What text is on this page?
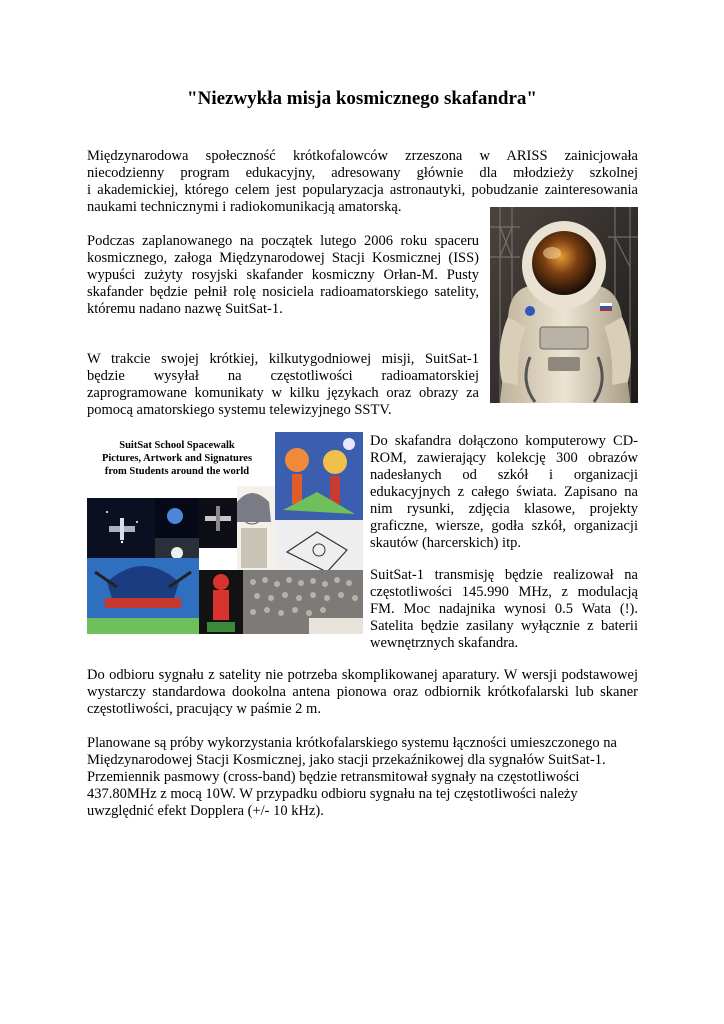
"Niezwykła misja kosmicznego skafandra"

Międzynarodowa społeczność krótkofalowców zrzeszona w ARISS zainicjowała
niecodzienny program edukacyjny, adresowany głównie dla młodzieży szkolnej
i akademickiej, którego celem jest popularyzacja astronautyki, pobudzanie zainteresowania
naukami technicznymi i radiokomunikacją amatorską.

Podczas zaplanowanego na początek lutego 2006 roku spaceru
kosmicznego, załoga Międzynarodowej Stacji Kosmicznej (ISS)
wypuści zużyty rosyjski skafander kosmiczny Orłan-M. Pusty
skafander będzie pełnił rolę nosiciela radioamatorskiego satelity,
któremu nadano nazwę SuitSat-1.

W trakcie swojej krótkiej, kilkutygodniowej misji, SuitSat-1
będzie wysyłał na częstotliwości radioamatorskiej
zaprogramowane komunikaty w kilku językach oraz obrazy za
pomocą amatorskiego systemu telewizyjnego SSTV.

SuitSat School Spacewalk
Pictures, Artwork and Signatures
from Students around the world

Do skafandra dołączono komputerowy CD-
ROM, zawierający kolekcję 300 obrazów
nadesłanych od szkół i organizacji
edukacyjnych z całego świata. Zapisano na
nim rysunki, zdjęcia klasowe, projekty
graficzne, wiersze, godła szkół, organizacji
skautów (harcerskich) itp.

SuitSat-1 transmisję będzie realizował na
częstotliwości 145.990 MHz, z modulacją
FM. Moc nadajnika wynosi 0.5 Wata (!).
Satelita będzie zasilany wyłącznie z baterii
wewnętrznych skafandra.

Do odbioru sygnału z satelity nie potrzeba skomplikowanej aparatury. W wersji podstawowej
wystarczy standardowa dookolna antena pionowa oraz odbiornik krótkofalarski lub skaner
częstotliwości, pracujący w paśmie 2 m.

Planowane są próby wykorzystania krótkofalarskiego systemu łączności umieszczonego na
Międzynarodowej Stacji Kosmicznej, jako stacji przekaźnikowej dla sygnałów SuitSat-1.
Przemiennik pasmowy (cross-band) będzie retransmitował sygnały na częstotliwości
437.80MHz z mocą 10W. W przypadku odbioru sygnału na tej częstotliwości należy
uwzględnić efekt Dopplera (+/- 10 kHz).
